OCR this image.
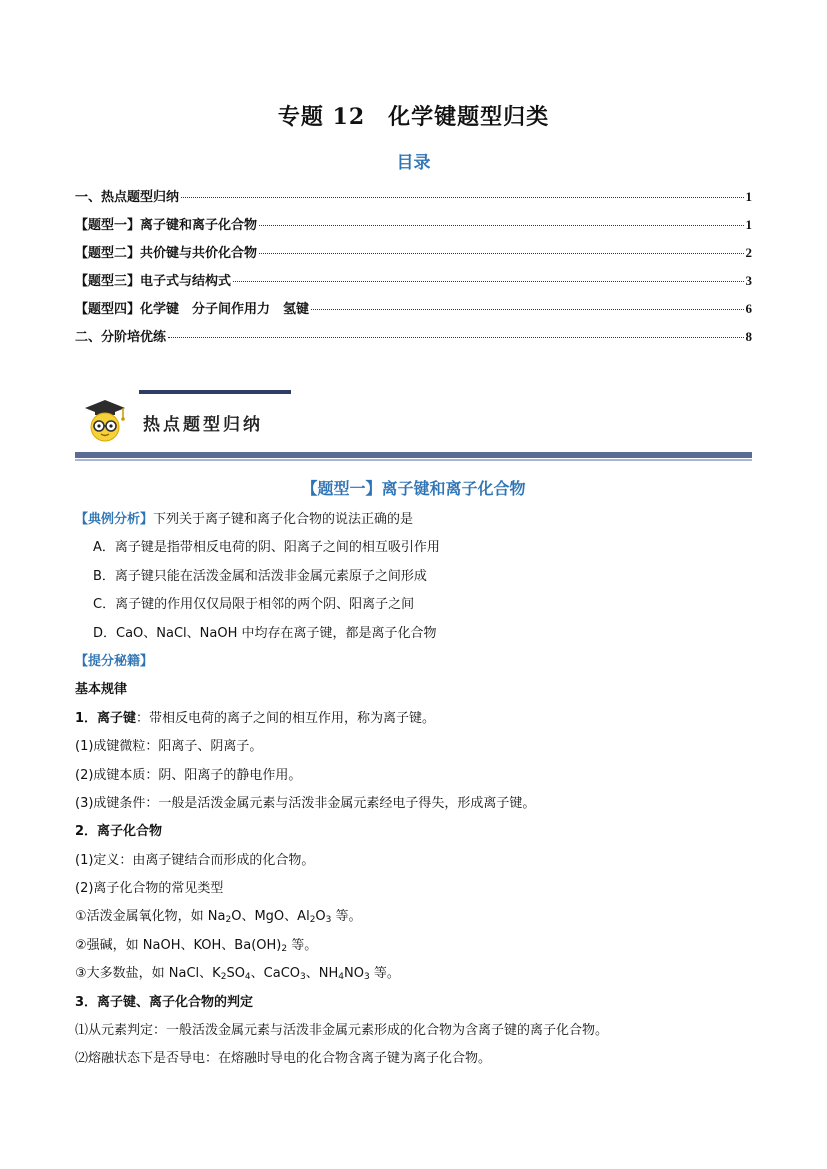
专题 12　化学键题型归类
目录
一、热点题型归纳	1
【题型一】离子键和离子化合物	1
【题型二】共价键与共价化合物	2
【题型三】电子式与结构式	3
【题型四】化学键　分子间作用力　氢键	6
二、分阶培优练	8
热点题型归纳
【题型一】离子键和离子化合物
【典例分析】下列关于离子键和离子化合物的说法正确的是
A．离子键是指带相反电荷的阴、阳离子之间的相互吸引作用
B．离子键只能在活泼金属和活泼非金属元素原子之间形成
C．离子键的作用仅仅局限于相邻的两个阴、阳离子之间
D．CaO、NaCl、NaOH 中均存在离子键，都是离子化合物
【提分秘籍】
基本规律
1．离子键：带相反电荷的离子之间的相互作用，称为离子键。
(1)成键微粒：阳离子、阴离子。
(2)成键本质：阴、阳离子的静电作用。
(3)成键条件：一般是活泼金属元素与活泼非金属元素经电子得失，形成离子键。
2．离子化合物
(1)定义：由离子键结合而形成的化合物。
(2)离子化合物的常见类型
①活泼金属氧化物，如 $Na_2O$、MgO、$Al_2O_3$ 等。
②强碱，如 NaOH、KOH、$Ba(OH)_2$ 等。
③大多数盐，如 NaCl、$K_2SO_4$、CaCO$_3$、$NH_4NO_3$ 等。
3．离子键、离子化合物的判定
⑴从元素判定：一般活泼金属元素与活泼非金属元素形成的化合物为含离子键的离子化合物。
⑵熔融状态下是否导电：在熔融时导电的化合物含离子键为离子化合物。
